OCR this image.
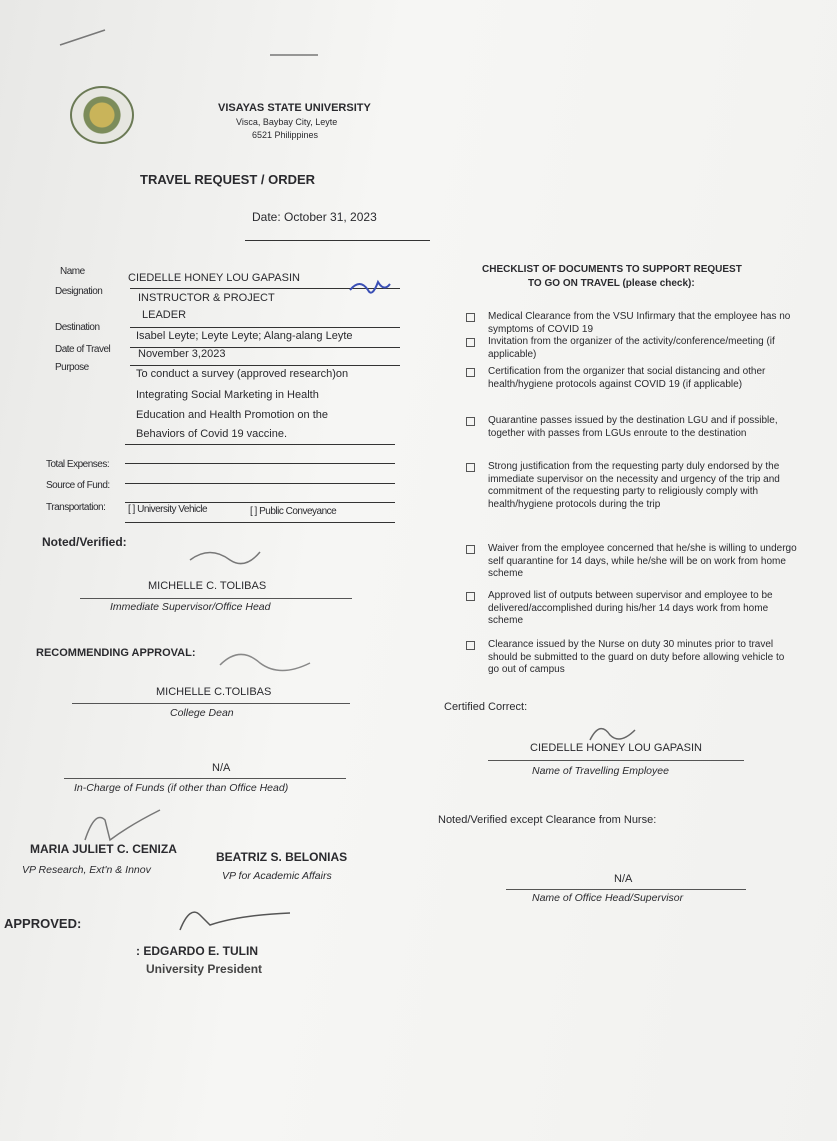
VISAYAS STATE UNIVERSITY
Visca, Baybay City, Leyte
6521 Philippines
TRAVEL REQUEST / ORDER
Date: October 31, 2023
Name
CIEDELLE HONEY LOU GAPASIN
Designation
INSTRUCTOR & PROJECT
LEADER
Destination
Isabel Leyte; Leyte Leyte; Alang-alang Leyte
Date of Travel	November 3,2023
Purpose
To conduct a survey (approved research)on
Integrating Social Marketing in Health
Education and Health Promotion on the
Behaviors of Covid 19 vaccine.
Total Expenses:
Source of Fund:
Transportation: [ ] University Vehicle	[ ] Public Conveyance
Noted/Verified:
MICHELLE C. TOLIBAS
Immediate Supervisor/Office Head
RECOMMENDING APPROVAL:
MICHELLE C.TOLIBAS
College Dean
N/A
In-Charge of Funds (if other than Office Head)
MARIA JULIET C. CENIZA
VP Research, Ext'n & Innov
BEATRIZ S. BELONIAS
VP for Academic Affairs
APPROVED:
: EDGARDO E. TULIN
University President
CHECKLIST OF DOCUMENTS TO SUPPORT REQUEST
TO GO ON TRAVEL (please check):
Medical Clearance from the VSU Infirmary that the employee has no symptoms of COVID 19
Invitation from the organizer of the activity/conference/meeting (if applicable)
Certification from the organizer that social distancing and other health/hygiene protocols against COVID 19 (if applicable)
Quarantine passes issued by the destination LGU and if possible, together with passes from LGUs enroute to the destination
Strong justification from the requesting party duly endorsed by the immediate supervisor on the necessity and urgency of the trip and commitment of the requesting party to religiously comply with health/hygiene protocols during the trip
Waiver from the employee concerned that he/she is willing to undergo self quarantine for 14 days, while he/she will be on work from home scheme
Approved list of outputs between supervisor and employee to be delivered/accomplished during his/her 14 days work from home scheme
Clearance issued by the Nurse on duty 30 minutes prior to travel should be submitted to the guard on duty before allowing vehicle to go out of campus
Certified Correct:
CIEDELLE HONEY LOU GAPASIN
Name of Travelling Employee
Noted/Verified except Clearance from Nurse:
N/A
Name of Office Head/Supervisor
